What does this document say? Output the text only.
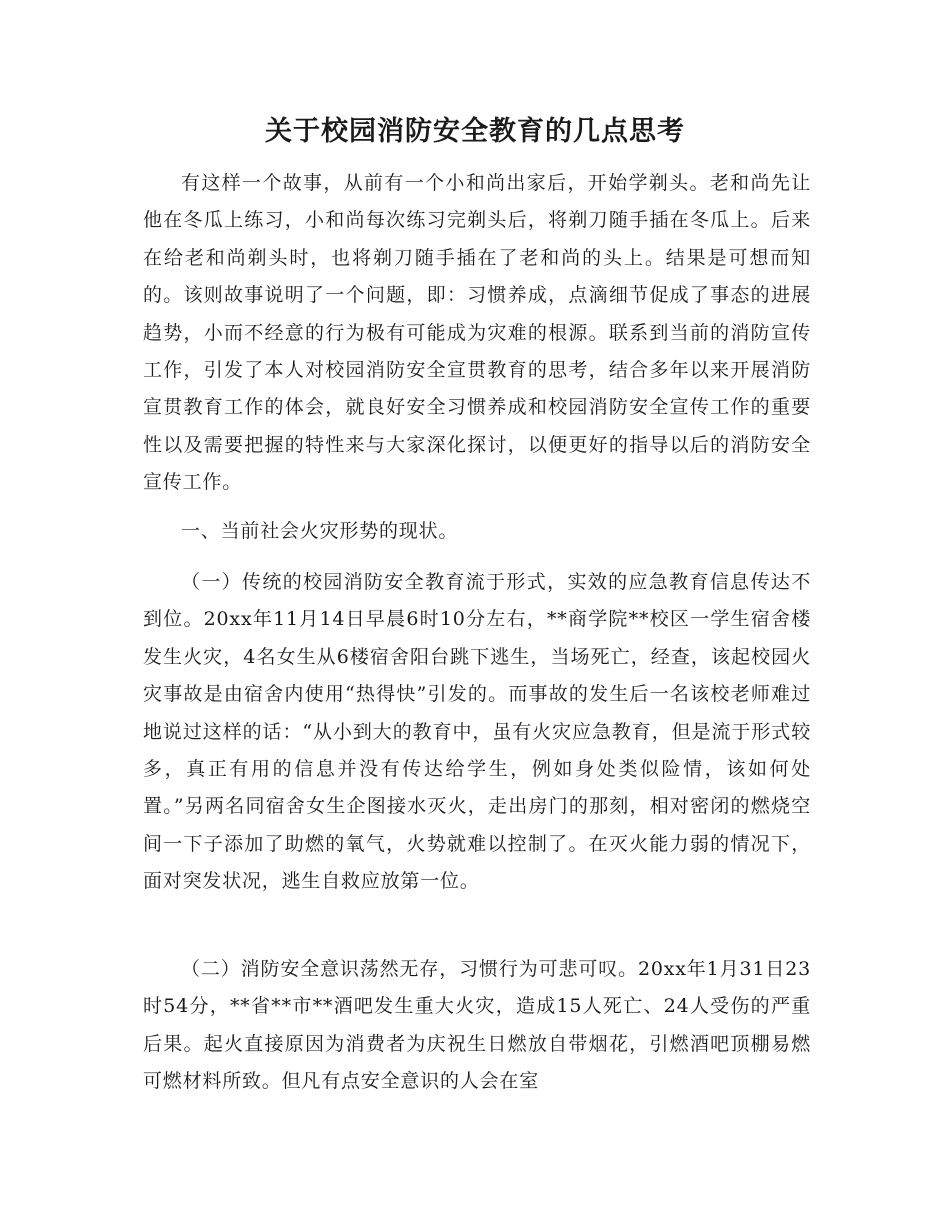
关于校园消防安全教育的几点思考

有这样一个故事，从前有一个小和尚出家后，开始学剃头。老和尚先让他在冬瓜上练习，小和尚每次练习完剃头后，将剃刀随手插在冬瓜上。后来在给老和尚剃头时，也将剃刀随手插在了老和尚的头上。结果是可想而知的。该则故事说明了一个问题，即：习惯养成，点滴细节促成了事态的进展趋势，小而不经意的行为极有可能成为灾难的根源。联系到当前的消防宣传工作，引发了本人对校园消防安全宣贯教育的思考，结合多年以来开展消防宣贯教育工作的体会，就良好安全习惯养成和校园消防安全宣传工作的重要性以及需要把握的特性来与大家深化探讨，以便更好的指导以后的消防安全宣传工作。

一、当前社会火灾形势的现状。

（一）传统的校园消防安全教育流于形式，实效的应急教育信息传达不到位。20xx年11月14日早晨6时10分左右，**商学院**校区一学生宿舍楼发生火灾，4名女生从6楼宿舍阳台跳下逃生，当场死亡，经查，该起校园火灾事故是由宿舍内使用“热得快”引发的。而事故的发生后一名该校老师难过地说过这样的话：“从小到大的教育中，虽有火灾应急教育，但是流于形式较多，真正有用的信息并没有传达给学生，例如身处类似险情，该如何处置。”另两名同宿舍女生企图接水灭火，走出房门的那刻，相对密闭的燃烧空间一下子添加了助燃的氧气，火势就难以控制了。在灭火能力弱的情况下，面对突发状况，逃生自救应放第一位。

（二）消防安全意识荡然无存，习惯行为可悲可叹。20xx年1月31日23时54分，**省**市**酒吧发生重大火灾，造成15人死亡、24人受伤的严重后果。起火直接原因为消费者为庆祝生日燃放自带烟花，引燃酒吧顶棚易燃可燃材料所致。但凡有点安全意识的人会在室
